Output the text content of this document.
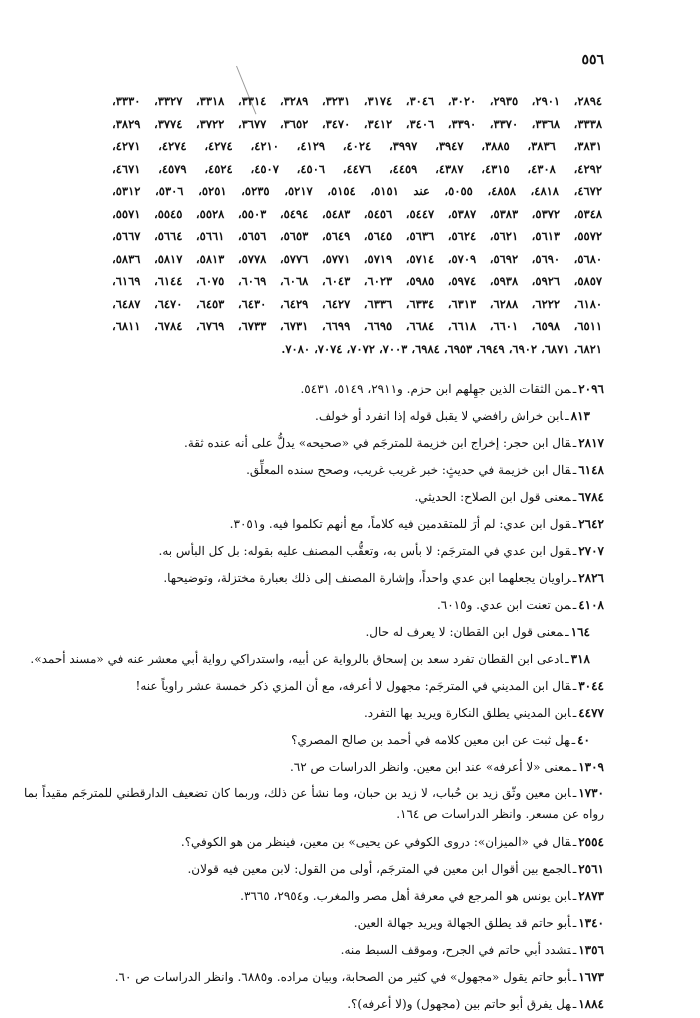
٥٥٦
٢٨٩٤، ٢٩٠١، ٢٩٣٥، ٣٠٢٠، ٣٠٤٦، ٣١٧٤، ٣٢٣١، ٣٢٨٩، ٣٣١٤، ٣٣١٨، ٣٣٢٧، ٣٣٣٠،
٣٣٣٨، ٣٣٦٨، ٣٣٧٠، ٣٣٩٠، ٣٤٠٦، ٣٤١٢، ٣٤٧٠، ٣٦٥٢، ٣٦٧٧، ٣٧٢٢، ٣٧٧٤، ٣٨٢٩،
٣٨٣١، ٣٨٣٦، ٣٨٨٥، ٣٩٤٧، ٣٩٩٧، ٤٠٢٤، ٤١٢٩، ٤٢١٠، ٤٢٧٤، ٤٢٧٤، ٤٢٧١،
٤٢٩٢، ٤٣٠٨، ٤٣١٥، ٤٣٨٧، ٤٤٥٩، ٤٤٧٦، ٤٥٠٦، ٤٥٠٧، ٤٥٢٤، ٤٥٧٩، ٤٦٧١،
٤٦٧٢، ٤٨١٨، ٤٨٥٨، ٥٠٥٥، عند ٥١٥١، ٥١٥٤، ٥٢١٧، ٥٢٣٥، ٥٢٥١، ٥٣٠٦، ٥٣١٢،
٥٣٤٨، ٥٣٧٢، ٥٣٨٣، ٥٣٨٧، ٥٤٤٧، ٥٤٥٦، ٥٤٨٣، ٥٤٩٤، ٥٥٠٣، ٥٥٢٨، ٥٥٤٥، ٥٥٧١،
٥٥٧٢، ٥٦١٣، ٥٦٢١، ٥٦٢٤، ٥٦٣٦، ٥٦٤٥، ٥٦٤٩، ٥٦٥٣، ٥٦٥٦، ٥٦٦١، ٥٦٦٤، ٥٦٦٧،
٥٦٨٠، ٥٦٩٠، ٥٦٩٢، ٥٧٠٩، ٥٧١٤، ٥٧١٩، ٥٧٧١، ٥٧٧٦، ٥٧٧٨، ٥٨١٣، ٥٨١٧، ٥٨٣٦،
٥٨٥٧، ٥٩٢٦، ٥٩٣٨، ٥٩٧٤، ٥٩٨٥، ٦٠٢٣، ٦٠٤٣، ٦٠٦٨، ٦٠٦٩، ٦٠٧٥، ٦١٤٤، ٦١٦٩،
٦١٨٠، ٦٢٢٢، ٦٢٨٨، ٦٣١٣، ٦٣٣٤، ٦٣٣٦، ٦٤٢٧، ٦٤٢٩، ٦٤٣٠، ٦٤٥٣، ٦٤٧٠، ٦٤٨٧،
٦٥١١، ٦٥٩٨، ٦٦٠١، ٦٦١٨، ٦٦٨٤، ٦٦٩٥، ٦٦٩٩، ٦٧٣١، ٦٧٣٣، ٦٧٦٩، ٦٧٨٤، ٦٨١١،
٦٨٢١، ٦٨٧١، ٦٩٠٢، ٦٩٤٩، ٦٩٥٣، ٦٩٨٤، ٧٠٠٣، ٧٠٧٢، ٧٠٧٤، ٧٠٨٠.
٢٠٩٦ـمن الثقات الذين جهِلهم ابن حزم. و٢٩١١، ٥١٤٩، ٥٤٣١.
٨١٣ـابن خراش رافضي لا يقبل قوله إذا انفرد أو خولف.
٢٨١٧ـقال ابن حجر: إخراج ابن خزيمة للمترجَم في «صحيحه» يدلُّ على أنه عنده ثقة.
٦١٤٨ـقال ابن خزيمة في حديثٍ: خبر غريب غريب، وصحح سنده المعلِّق.
٦٧٨٤ـمعنى قول ابن الصلاح: الحديثي.
٢٦٤٢ـقول ابن عدي: لم أرَ للمتقدمين فيه كلاماً، مع أنهم تكلموا فيه. و٣٠٥١.
٢٧٠٧ـقول ابن عدي في المترجَم: لا بأس به، وتعقُّب المصنف عليه بقوله: بل كل البأس به.
٢٨٢٦ـراويان يجعلهما ابن عدي واحداً، وإشارة المصنف إلى ذلك بعبارة مختزلة، وتوضيحها.
٤١٠٨ـمن تعنت ابن عدي. و٦٠١٥.
١٦٤ـمعنى قول ابن القطان: لا يعرف له حال.
٣١٨ـادعى ابن القطان تفرد سعد بن إسحاق بالرواية عن أبيه، واستدراكي رواية أبي معشر عنه في «مسند أحمد».
٣٠٤٤ـقال ابن المديني في المترجَم: مجهول لا أعرفه، مع أن المزي ذكر خمسة عشر راوياً عنه!
٤٤٧٧ـابن المديني يطلق النكارة ويريد بها التفرد.
٤٠ـهل ثبت عن ابن معين كلامه في أحمد بن صالح المصري؟
١٣٠٩ـمعنى «لا أعرفه» عند ابن معين. وانظر الدراسات ص ٦٢.
١٧٣٠ـابن معين وثّق زيد بن حُباب، لا زيد بن حبان، وما نشأ عن ذلك، وربما كان تضعيف الدارقطني للمترجَم مقيداً بما رواه عن مسعر. وانظر الدراسات ص ١٦٤.
٢٥٥٤ـقال في «الميزان»: دروى الكوفي عن يحيى» بن معين، فينظر من هو الكوفي؟.
٢٥٦١ـالجمع بين أقوال ابن معين في المترجَم، أولى من القول: لابن معين فيه قولان.
٢٨٧٣ـابن يونس هو المرجع في معرفة أهل مصر والمغرب. و٢٩٥٤، ٣٦٦٥.
١٣٤٠ـأبو حاتم قد يطلق الجهالة ويريد جهالة العين.
١٣٥٦ـتشدد أبي حاتم في الجرح، وموقف السبط منه.
١٦٧٣ـأبو حاتم يقول «مجهول» في كثير من الصحابة، وبيان مراده. و٦٨٨٥. وانظر الدراسات ص ٦٠.
١٨٨٤ـهل يفرق أبو حاتم بين (مجهول) و(لا أعرفه)؟.
